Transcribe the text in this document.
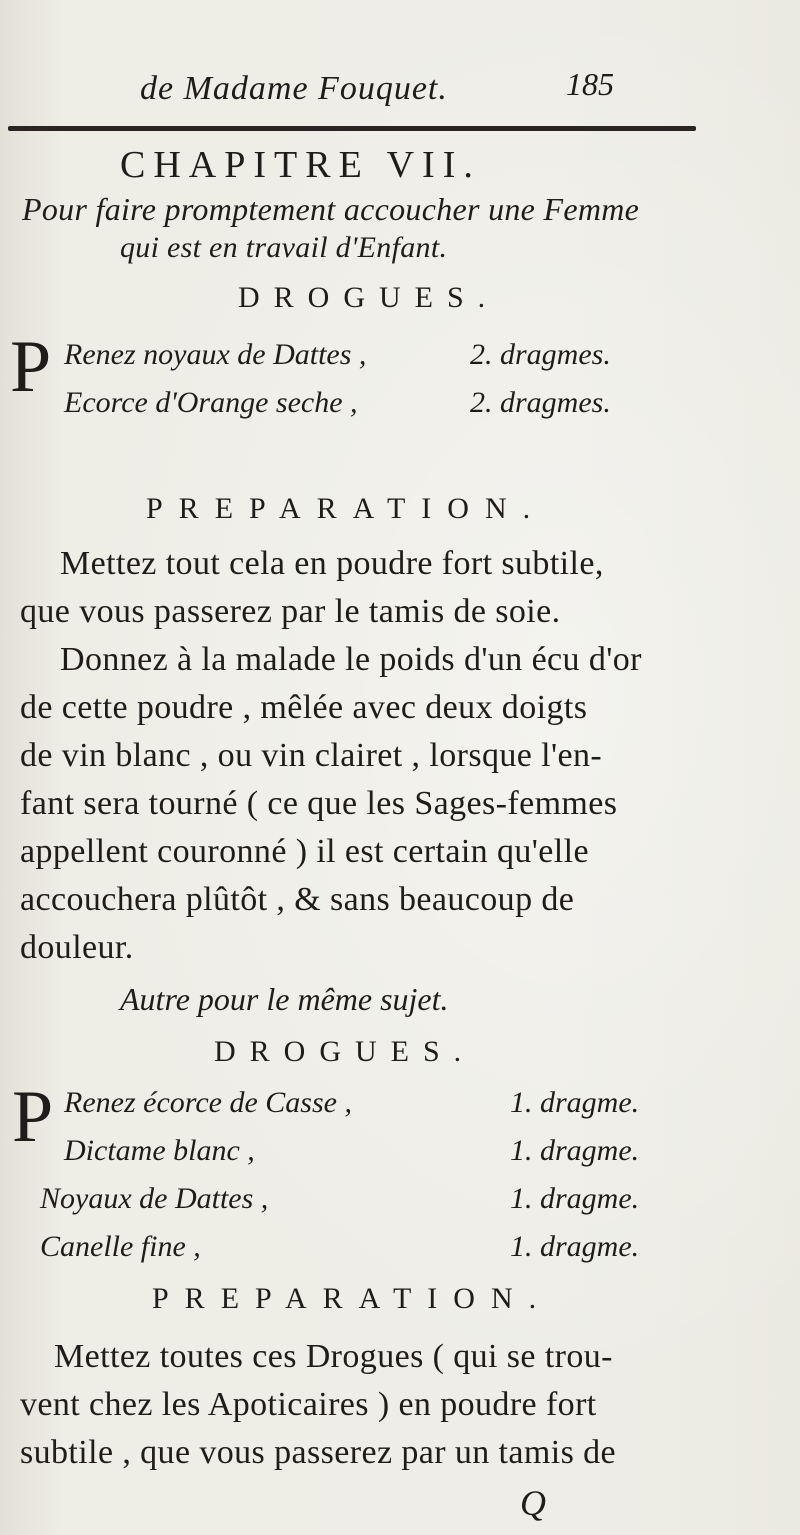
de Madame Fouquet.	185
CHAPITRE VII.
Pour faire promptement accoucher une Femme
qui est en travail d'Enfant.
DROGUES.
P Renez noyaux de Dattes ,	2. dragmes.
Ecorce d'Orange seche ,	2. dragmes.
PREPARATION.
Mettez tout cela en poudre fort subtile,
que vous passerez par le tamis de soie.
Donnez à la malade le poids d'un écu d'or
de cette poudre , mêlée avec deux doigts
de vin blanc , ou vin clairet , lorsque l'en-
fant sera tourné ( ce que les Sages-femmes
appellent couronné ) il est certain qu'elle
accouchera plûtôt , & sans beaucoup de
douleur.
Autre pour le même sujet.
DROGUES.
P Renez écorce de Casse ,	1. dragme.
Dictame blanc ,	1. dragme.
Noyaux de Dattes ,	1. dragme.
Canelle fine ,	1. dragme.
PREPARATION.
Mettez toutes ces Drogues ( qui se trou-
vent chez les Apoticaires ) en poudre fort
subtile , que vous passerez par un tamis de
Q
